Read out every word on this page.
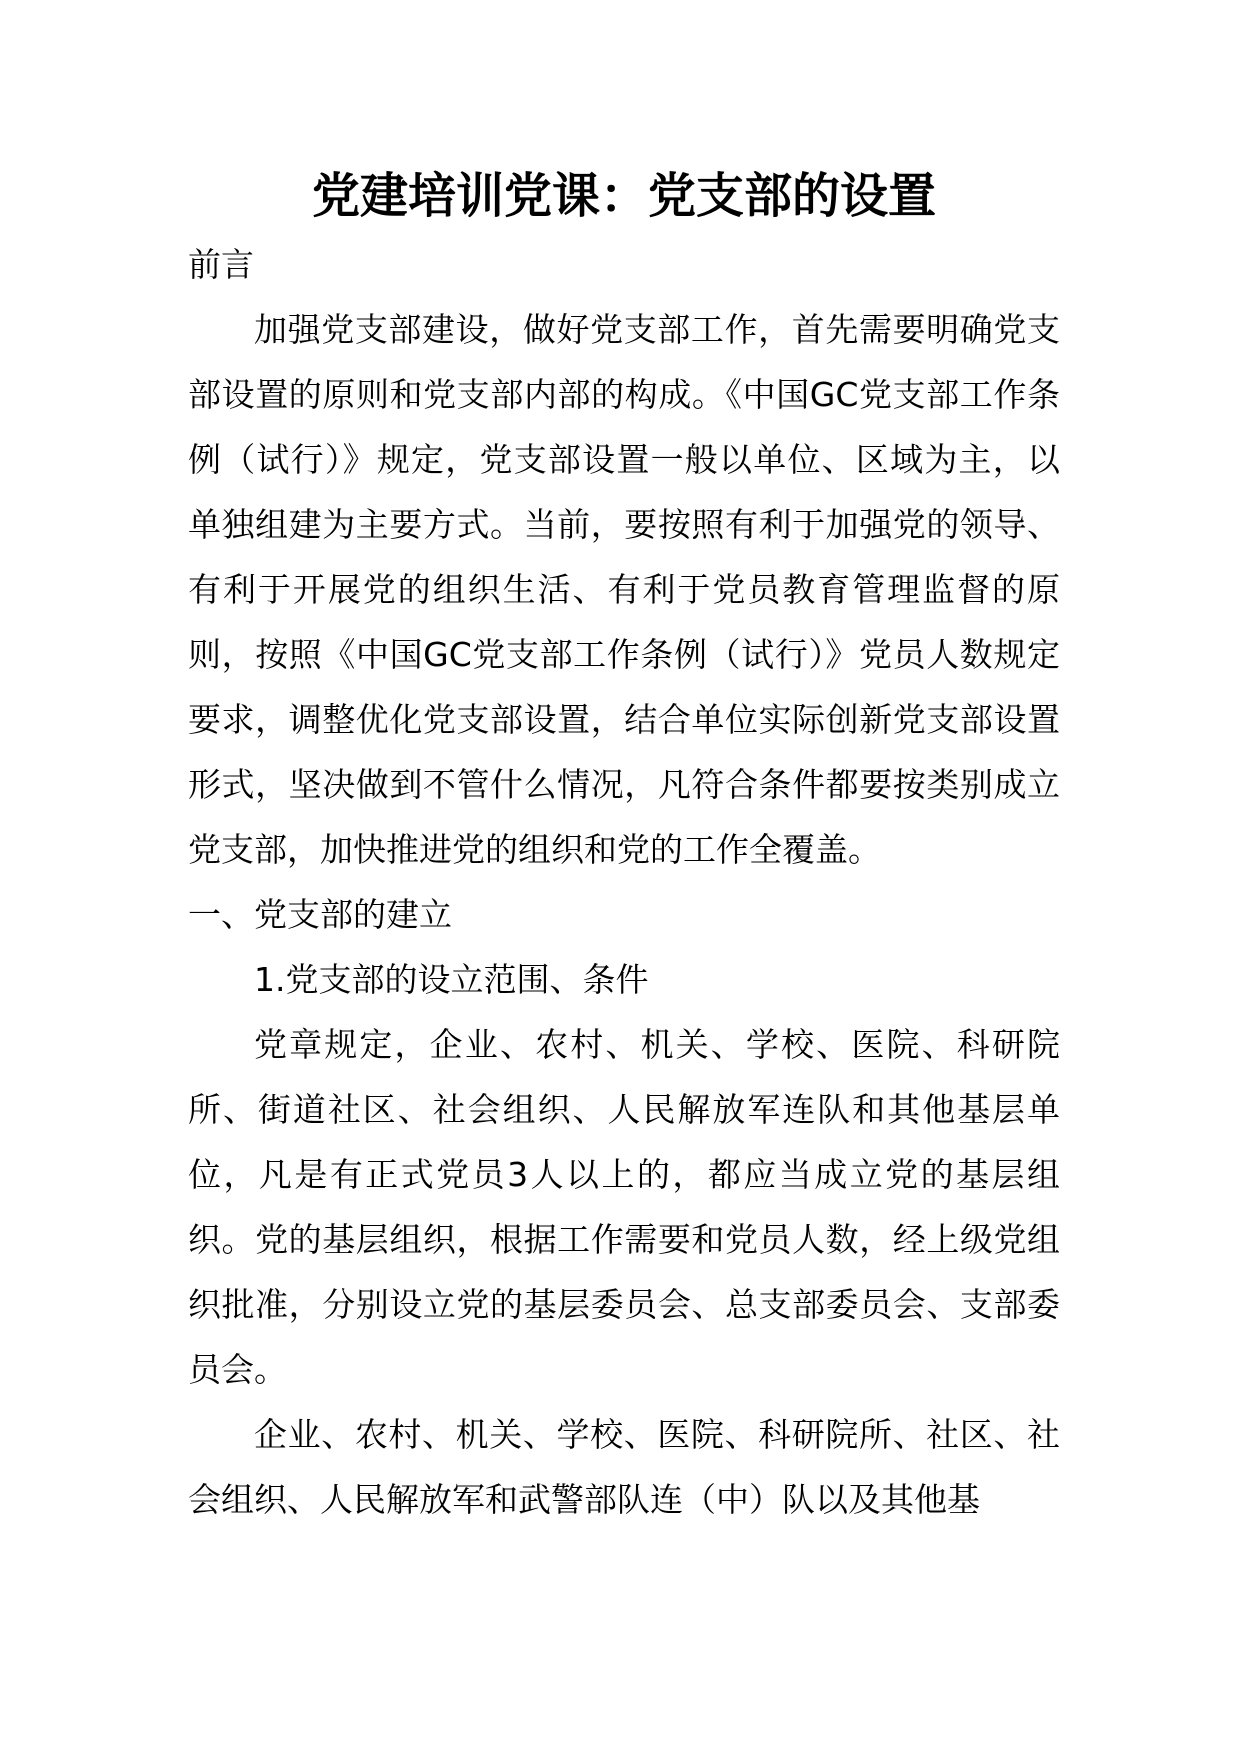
党建培训党课：党支部的设置

前言

加强党支部建设，做好党支部工作，首先需要明确党支部设置的原则和党支部内部的构成。《中国GC党支部工作条例（试行）》规定，党支部设置一般以单位、区域为主，以单独组建为主要方式。当前，要按照有利于加强党的领导、有利于开展党的组织生活、有利于党员教育管理监督的原则，按照《中国GC党支部工作条例（试行）》党员人数规定要求，调整优化党支部设置，结合单位实际创新党支部设置形式，坚决做到不管什么情况，凡符合条件都要按类别成立党支部，加快推进党的组织和党的工作全覆盖。

一、党支部的建立

1.党支部的设立范围、条件

党章规定，企业、农村、机关、学校、医院、科研院所、街道社区、社会组织、人民解放军连队和其他基层单位，凡是有正式党员3人以上的，都应当成立党的基层组织。党的基层组织，根据工作需要和党员人数，经上级党组织批准，分别设立党的基层委员会、总支部委员会、支部委员会。

企业、农村、机关、学校、医院、科研院所、社区、社会组织、人民解放军和武警部队连（中）队以及其他基
